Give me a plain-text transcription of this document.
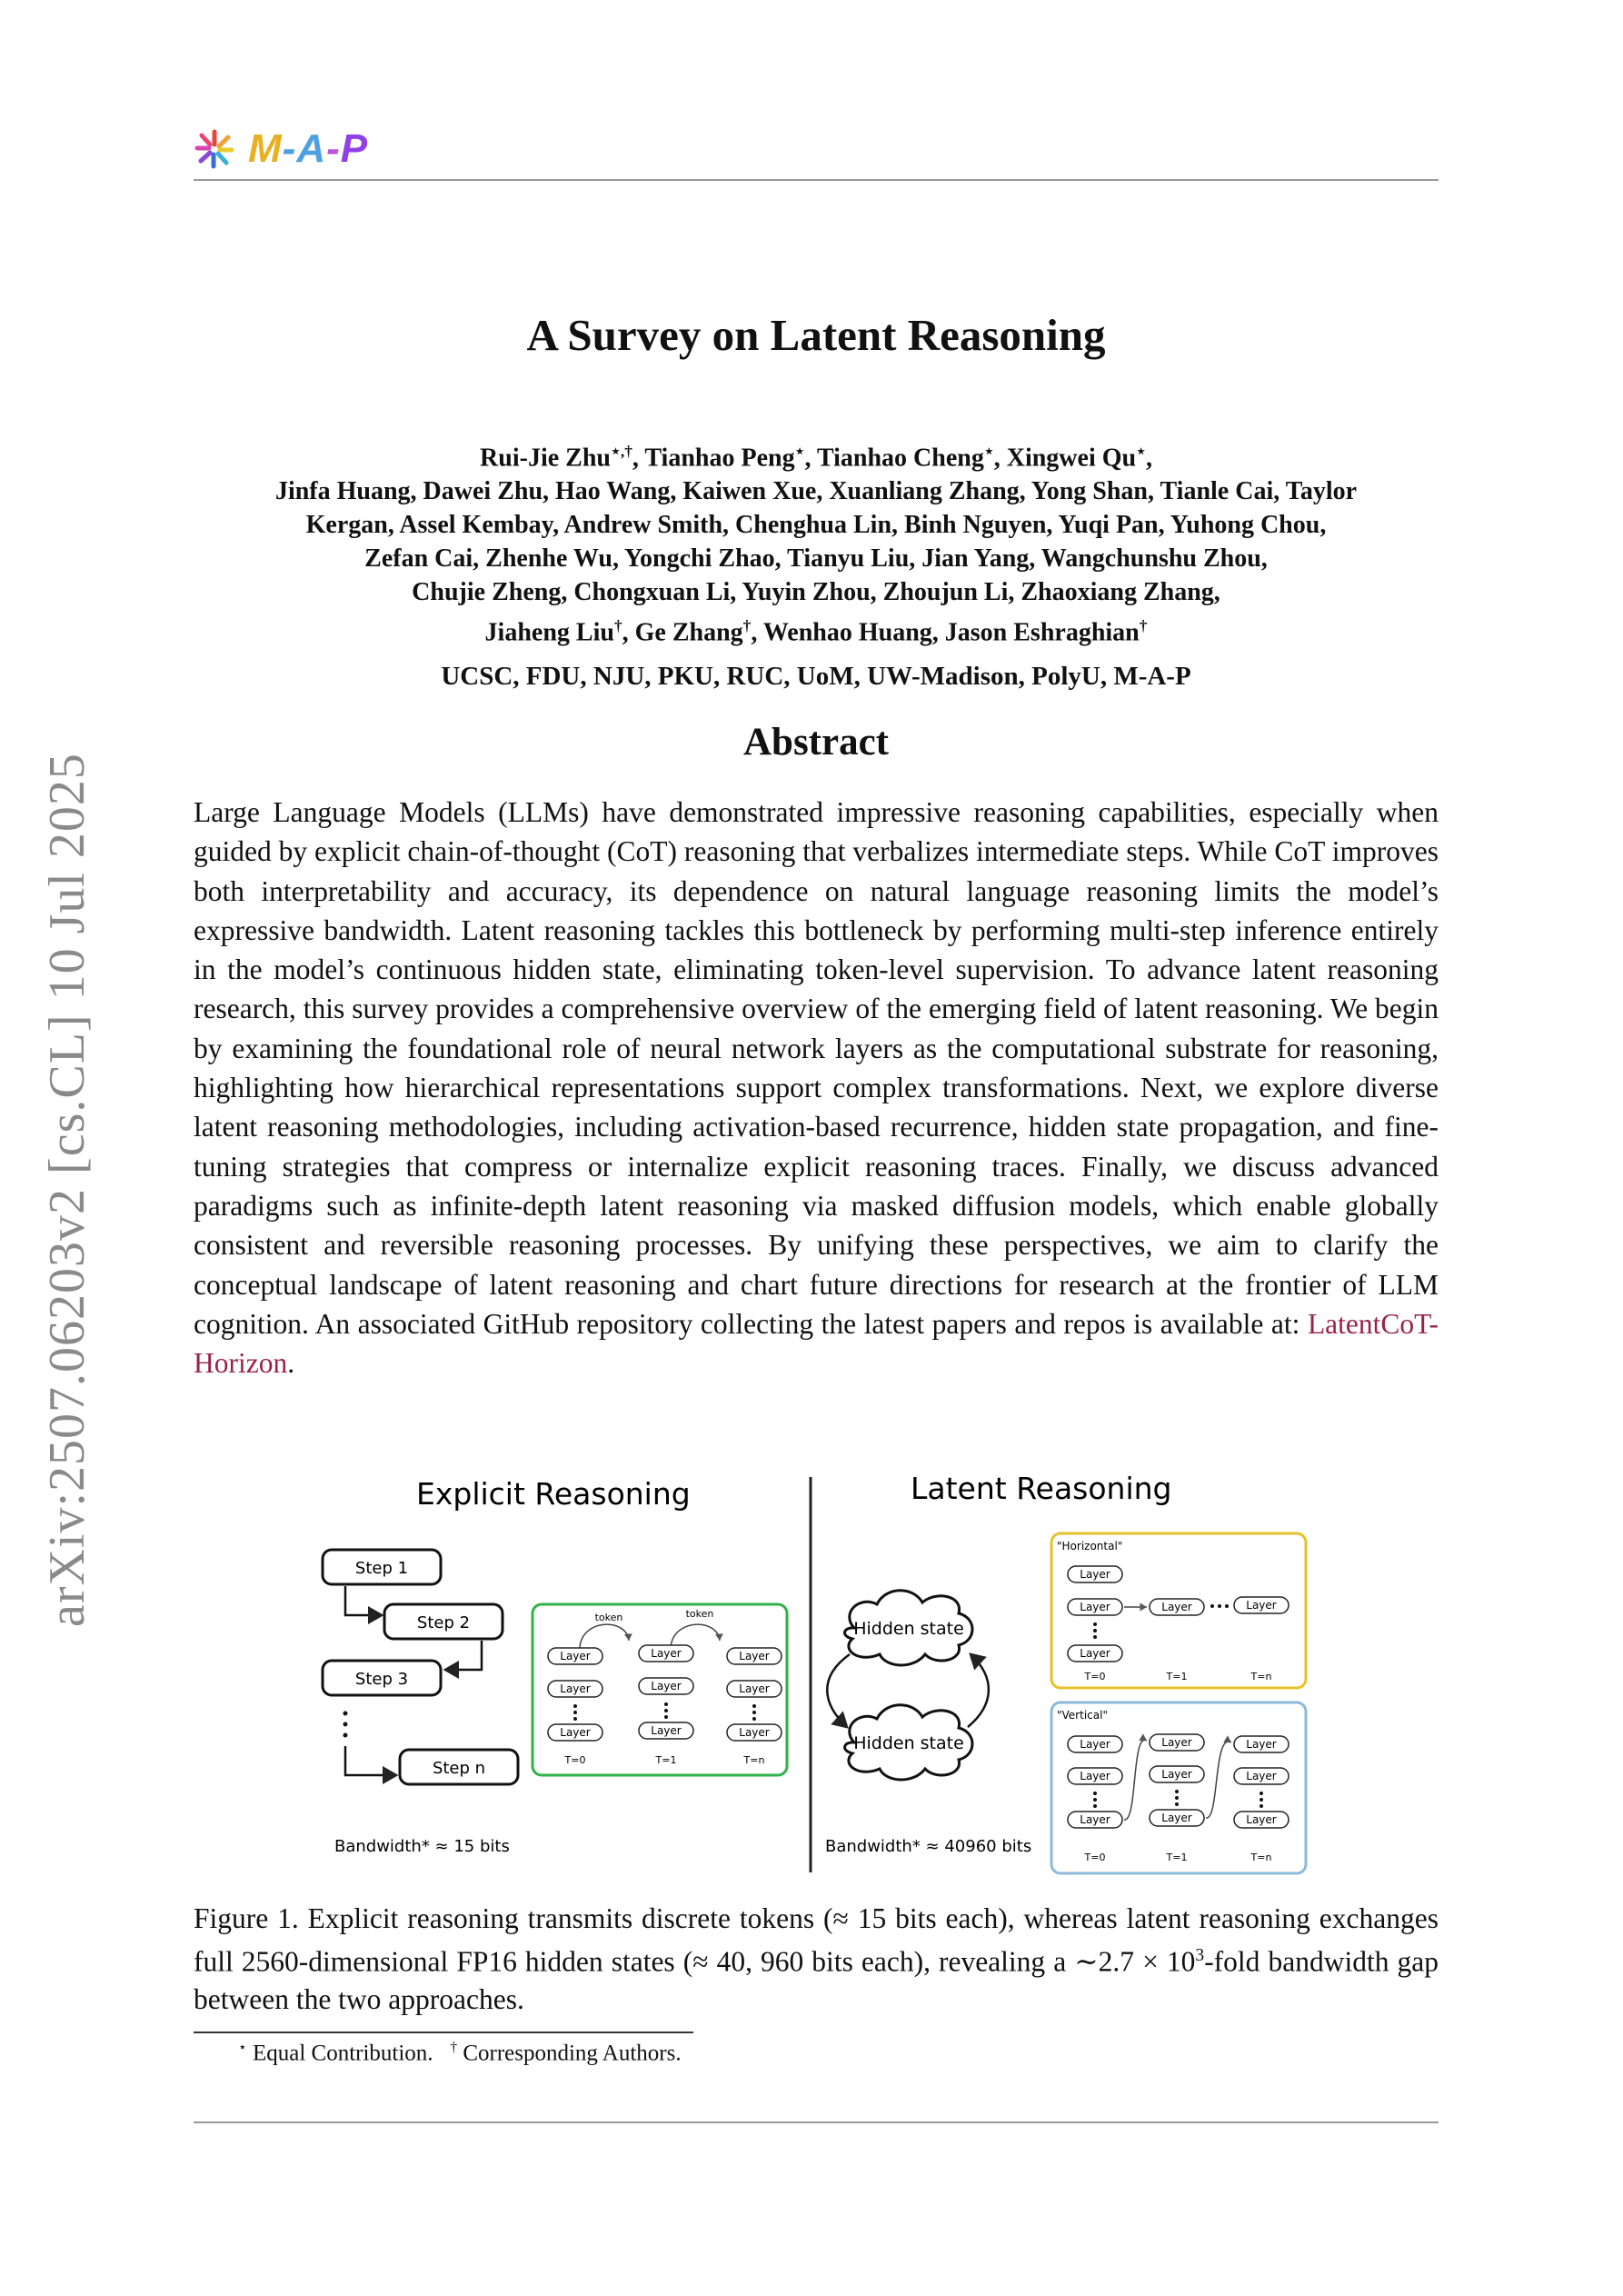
M-A-P
arXiv:2507.06203v2 [cs.CL] 10 Jul 2025
A Survey on Latent Reasoning
Rui-Jie Zhu⋆,†, Tianhao Peng⋆, Tianhao Cheng⋆, Xingwei Qu⋆,
Jinfa Huang, Dawei Zhu, Hao Wang, Kaiwen Xue, Xuanliang Zhang, Yong Shan, Tianle Cai, Taylor
Kergan, Assel Kembay, Andrew Smith, Chenghua Lin, Binh Nguyen, Yuqi Pan, Yuhong Chou,
Zefan Cai, Zhenhe Wu, Yongchi Zhao, Tianyu Liu, Jian Yang, Wangchunshu Zhou,
Chujie Zheng, Chongxuan Li, Yuyin Zhou, Zhoujun Li, Zhaoxiang Zhang,
Jiaheng Liu†, Ge Zhang†, Wenhao Huang, Jason Eshraghian†
UCSC, FDU, NJU, PKU, RUC, UoM, UW-Madison, PolyU, M-A-P
Abstract
Large Language Models (LLMs) have demonstrated impressive reasoning capabilities, especially when guided by explicit chain-of-thought (CoT) reasoning that verbalizes intermediate steps. While CoT improves both interpretability and accuracy, its dependence on natural language reasoning limits the model’s expressive bandwidth. Latent reasoning tackles this bottleneck by performing multi-step inference entirely in the model’s continuous hidden state, eliminating token-level supervision. To advance latent reasoning research, this survey provides a comprehensive overview of the emerging field of latent reasoning. We begin by examining the foundational role of neural network layers as the computational substrate for reasoning, highlighting how hierarchical representations support complex transformations. Next, we explore diverse latent reasoning methodologies, including activation-based recurrence, hidden state propagation, and fine-tuning strategies that compress or internalize explicit reasoning traces. Finally, we discuss advanced paradigms such as infinite-depth latent reasoning via masked diffusion models, which enable globally consistent and reversible reasoning processes. By unifying these perspectives, we aim to clarify the conceptual landscape of latent reasoning and chart future directions for research at the frontier of LLM cognition. An associated GitHub repository collecting the latest papers and repos is available at: LatentCoT-Horizon.
Explicit Reasoning	Latent Reasoning
Step 1
Step 2
Step 3
Step n
token	token
Layer
Layer
Layer
Layer
Layer
Layer
Layer
Layer
Layer
T=0	T=1	T=n
Hidden state
Hidden state
"Horizontal"
Layer
Layer	Layer	Layer
Layer
T=0	T=1	T=n
"Vertical"
Layer
Layer
Layer
Layer
Layer
Layer
Layer
Layer
Layer
T=0	T=1	T=n
Bandwidth* ≈ 15 bits	Bandwidth* ≈ 40960 bits
Figure 1. Explicit reasoning transmits discrete tokens (≈ 15 bits each), whereas latent reasoning exchanges full 2560-dimensional FP16 hidden states (≈ 40, 960 bits each), revealing a ∼2.7 × $10^3$-fold bandwidth gap between the two approaches.
⋆ Equal Contribution. † Corresponding Authors.
